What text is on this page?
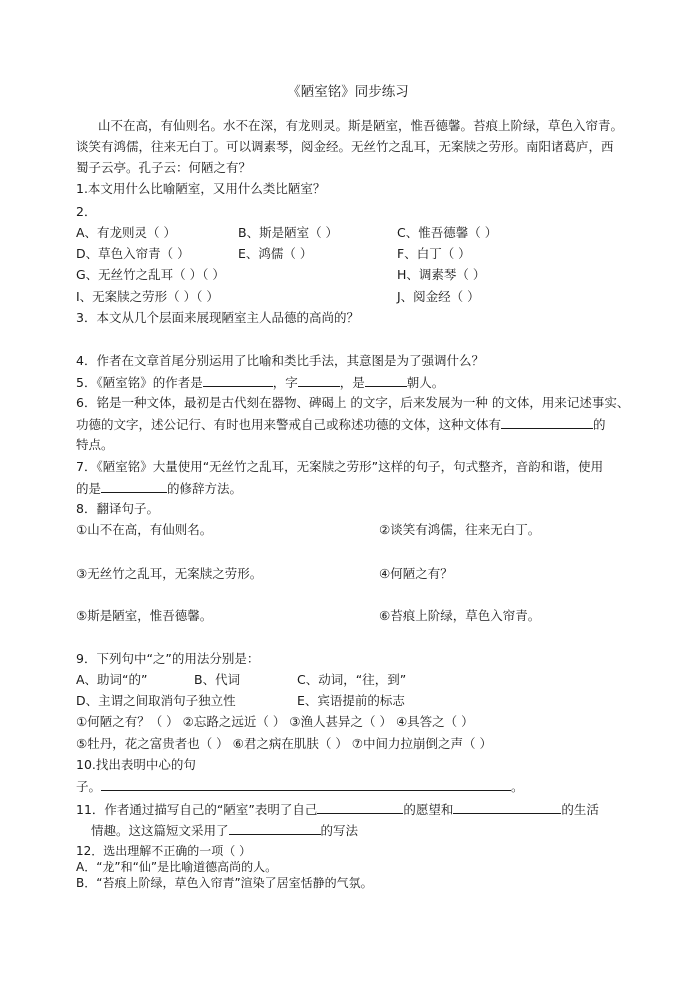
《陋室铭》同步练习
山不在高，有仙则名。水不在深，有龙则灵。斯是陋室，惟吾德馨。苔痕上阶绿，草色入帘青。
谈笑有鸿儒，往来无白丁。可以调素琴，阅金经。无丝竹之乱耳，无案牍之劳形。南阳诸葛庐，西
蜀子云亭。孔子云：何陋之有？
1.本文用什么比喻陋室，又用什么类比陋室？
2．
A、有龙则灵（ ）	B、斯是陋室（ ）	C、惟吾德馨（ ）
D、草色入帘青（ ）	E、鸿儒（ ）	F、白丁（ ）
G、无丝竹之乱耳（ ）（ ）	H、调素琴（ ）
I、无案牍之劳形（ ）（ ）	J、阅金经（ ）
3．本文从几个层面来展现陋室主人品德的高尚的？
4．作者在文章首尾分别运用了比喻和类比手法，其意图是为了强调什么？
5．《陋室铭》的作者是	，字	，是	朝人。
6．铭是一种文体，最初是古代刻在器物、碑碣上 的文字，后来发展为一种 的文体，用来记述事实、
功德的文字，述公记行、有时也用来警戒自己或称述功德的文体，这种文体有	的
特点。
7．《陋室铭》大量使用“无丝竹之乱耳，无案牍之劳形”这样的句子，句式整齐，音韵和谐，使用
的是	的修辞方法。
8．翻译句子。
①山不在高，有仙则名。	②谈笑有鸿儒，往来无白丁。
③无丝竹之乱耳，无案牍之劳形。	④何陋之有？
⑤斯是陋室，惟吾德馨。	⑥苔痕上阶绿，草色入帘青。
9．下列句中“之”的用法分别是：
A、助词“的”	B、代词	C、动词，“往，到”
D、主谓之间取消句子独立性	E、宾语提前的标志
①何陋之有？（ ） ②忘路之远近（ ） ③渔人甚异之（ ） ④具答之（ ）
⑤牡丹，花之富贵者也（ ） ⑥君之病在肌肤（ ） ⑦中间力拉崩倒之声（ ）
10.找出表明中心的句
子。	。
11．作者通过描写自己的“陋室”表明了自己	的愿望和	的生活
情趣。这这篇短文采用了	的写法
12．选出理解不正确的一项（ ）
A．“龙”和“仙”是比喻道德高尚的人。
B．“苔痕上阶绿，草色入帘青”渲染了居室恬静的气氛。
